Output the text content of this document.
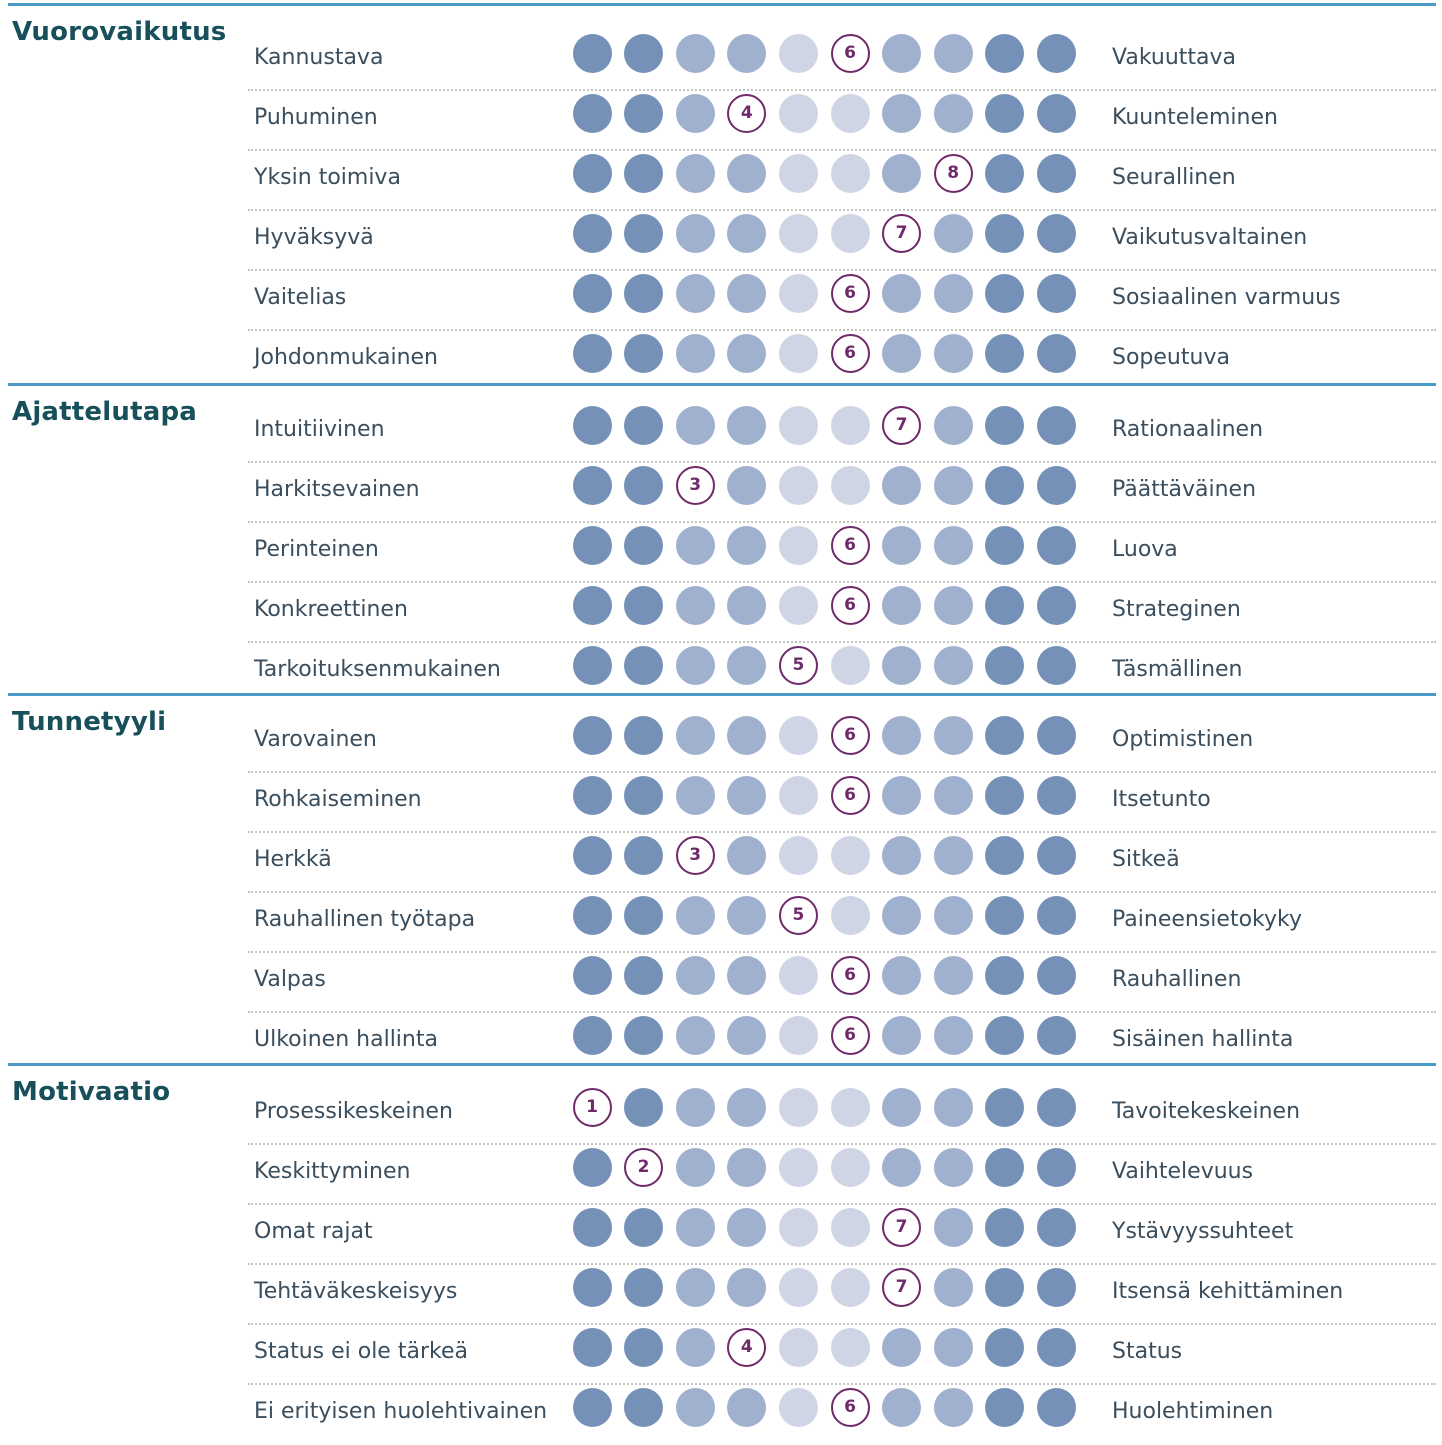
Vuorovaikutus
Kannustava	6	Vakuuttava
Puhuminen	4	Kuunteleminen
Yksin toimiva	8	Seurallinen
Hyväksyvä	7	Vaikutusvaltainen
Vaitelias	6	Sosiaalinen varmuus
Johdonmukainen	6	Sopeutuva
Ajattelutapa
Intuitiivinen	7	Rationaalinen
Harkitsevainen	3	Päättäväinen
Perinteinen	6	Luova
Konkreettinen	6	Strateginen
Tarkoituksenmukainen	5	Täsmällinen
Tunnetyyli
Varovainen	6	Optimistinen
Rohkaiseminen	6	Itsetunto
Herkkä	3	Sitkeä
Rauhallinen työtapa	5	Paineensietokyky
Valpas	6	Rauhallinen
Ulkoinen hallinta	6	Sisäinen hallinta
Motivaatio
Prosessikeskeinen	1	Tavoitekeskeinen
Keskittyminen	2	Vaihtelevuus
Omat rajat	7	Ystävyyssuhteet
Tehtäväkeskeisyys	7	Itsensä kehittäminen
Status ei ole tärkeä	4	Status
Ei erityisen huolehtivainen	6	Huolehtiminen
